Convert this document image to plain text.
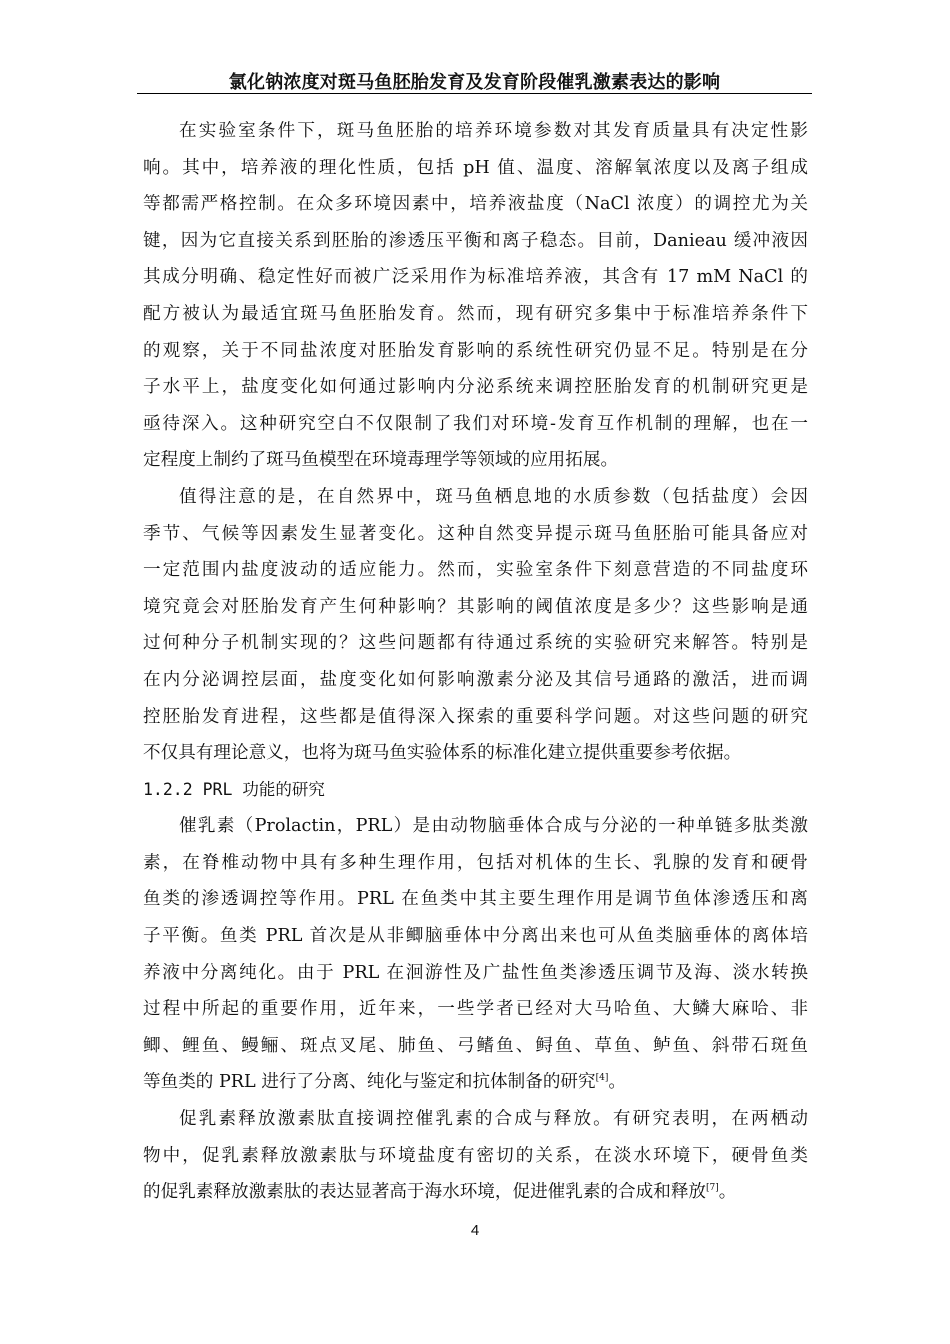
氯化钠浓度对斑马鱼胚胎发育及发育阶段催乳激素表达的影响
在实验室条件下，斑马鱼胚胎的培养环境参数对其发育质量具有决定性影
响。其中，培养液的理化性质，包括 pH 值、温度、溶解氧浓度以及离子组成
等都需严格控制。在众多环境因素中，培养液盐度（NaCl 浓度）的调控尤为关
键，因为它直接关系到胚胎的渗透压平衡和离子稳态。目前，Danieau 缓冲液因
其成分明确、稳定性好而被广泛采用作为标准培养液，其含有 17 mM NaCl 的
配方被认为最适宜斑马鱼胚胎发育。然而，现有研究多集中于标准培养条件下
的观察，关于不同盐浓度对胚胎发育影响的系统性研究仍显不足。特别是在分
子水平上，盐度变化如何通过影响内分泌系统来调控胚胎发育的机制研究更是
亟待深入。这种研究空白不仅限制了我们对环境-发育互作机制的理解，也在一
定程度上制约了斑马鱼模型在环境毒理学等领域的应用拓展。
值得注意的是，在自然界中，斑马鱼栖息地的水质参数（包括盐度）会因
季节、气候等因素发生显著变化。这种自然变异提示斑马鱼胚胎可能具备应对
一定范围内盐度波动的适应能力。然而，实验室条件下刻意营造的不同盐度环
境究竟会对胚胎发育产生何种影响？其影响的阈值浓度是多少？这些影响是通
过何种分子机制实现的？这些问题都有待通过系统的实验研究来解答。特别是
在内分泌调控层面，盐度变化如何影响激素分泌及其信号通路的激活，进而调
控胚胎发育进程，这些都是值得深入探索的重要科学问题。对这些问题的研究
不仅具有理论意义，也将为斑马鱼实验体系的标准化建立提供重要参考依据。
1.2.2 PRL 功能的研究
催乳素（Prolactin，PRL）是由动物脑垂体合成与分泌的一种单链多肽类激
素，在脊椎动物中具有多种生理作用，包括对机体的生长、乳腺的发育和硬骨
鱼类的渗透调控等作用。PRL 在鱼类中其主要生理作用是调节鱼体渗透压和离
子平衡。鱼类 PRL 首次是从非鲫脑垂体中分离出来也可从鱼类脑垂体的离体培
养液中分离纯化。由于 PRL 在洄游性及广盐性鱼类渗透压调节及海、淡水转换
过程中所起的重要作用，近年来，一些学者已经对大马哈鱼、大鳞大麻哈、非
鲫、鲤鱼、鳗鲡、斑点叉尾、肺鱼、弓鳍鱼、鲟鱼、草鱼、鲈鱼、斜带石斑鱼
等鱼类的 PRL 进行了分离、纯化与鉴定和抗体制备的研究[4]。
促乳素释放激素肽直接调控催乳素的合成与释放。有研究表明，在两栖动
物中，促乳素释放激素肽与环境盐度有密切的关系，在淡水环境下，硬骨鱼类
的促乳素释放激素肽的表达显著高于海水环境，促进催乳素的合成和释放[7]。
4
